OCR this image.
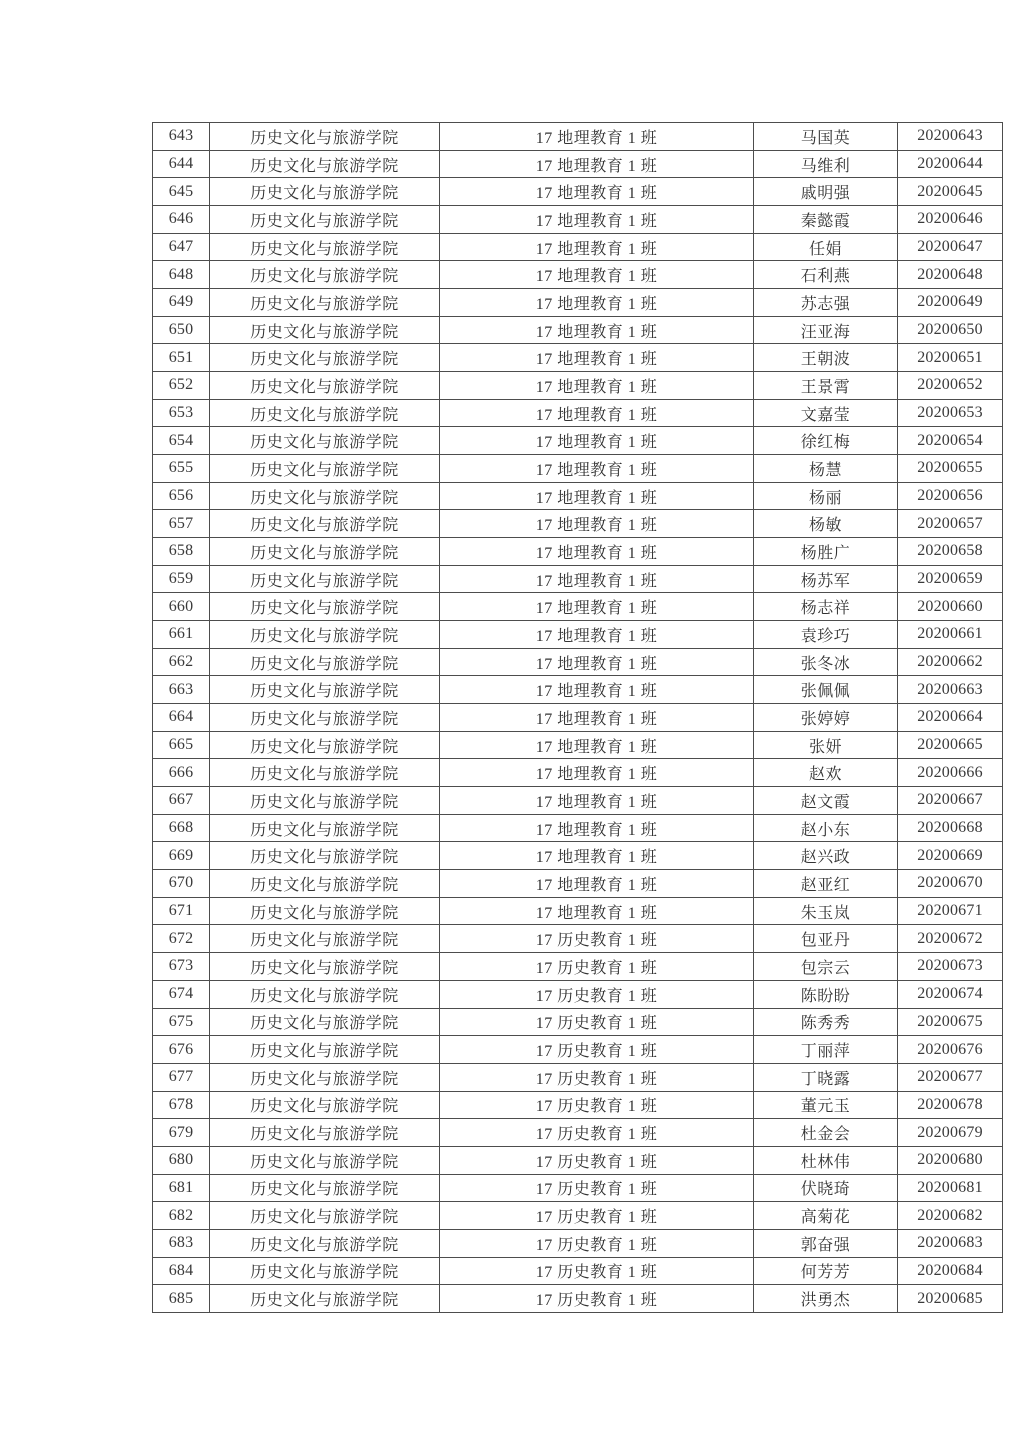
643	历史文化与旅游学院	17 地理教育 1 班	马国英	20200643
644	历史文化与旅游学院	17 地理教育 1 班	马维利	20200644
645	历史文化与旅游学院	17 地理教育 1 班	戚明强	20200645
646	历史文化与旅游学院	17 地理教育 1 班	秦懿霞	20200646
647	历史文化与旅游学院	17 地理教育 1 班	任娟	20200647
648	历史文化与旅游学院	17 地理教育 1 班	石利燕	20200648
649	历史文化与旅游学院	17 地理教育 1 班	苏志强	20200649
650	历史文化与旅游学院	17 地理教育 1 班	汪亚海	20200650
651	历史文化与旅游学院	17 地理教育 1 班	王朝波	20200651
652	历史文化与旅游学院	17 地理教育 1 班	王景霄	20200652
653	历史文化与旅游学院	17 地理教育 1 班	文嘉莹	20200653
654	历史文化与旅游学院	17 地理教育 1 班	徐红梅	20200654
655	历史文化与旅游学院	17 地理教育 1 班	杨慧	20200655
656	历史文化与旅游学院	17 地理教育 1 班	杨丽	20200656
657	历史文化与旅游学院	17 地理教育 1 班	杨敏	20200657
658	历史文化与旅游学院	17 地理教育 1 班	杨胜广	20200658
659	历史文化与旅游学院	17 地理教育 1 班	杨苏军	20200659
660	历史文化与旅游学院	17 地理教育 1 班	杨志祥	20200660
661	历史文化与旅游学院	17 地理教育 1 班	袁珍巧	20200661
662	历史文化与旅游学院	17 地理教育 1 班	张冬冰	20200662
663	历史文化与旅游学院	17 地理教育 1 班	张佩佩	20200663
664	历史文化与旅游学院	17 地理教育 1 班	张婷婷	20200664
665	历史文化与旅游学院	17 地理教育 1 班	张妍	20200665
666	历史文化与旅游学院	17 地理教育 1 班	赵欢	20200666
667	历史文化与旅游学院	17 地理教育 1 班	赵文霞	20200667
668	历史文化与旅游学院	17 地理教育 1 班	赵小东	20200668
669	历史文化与旅游学院	17 地理教育 1 班	赵兴政	20200669
670	历史文化与旅游学院	17 地理教育 1 班	赵亚红	20200670
671	历史文化与旅游学院	17 地理教育 1 班	朱玉岚	20200671
672	历史文化与旅游学院	17 历史教育 1 班	包亚丹	20200672
673	历史文化与旅游学院	17 历史教育 1 班	包宗云	20200673
674	历史文化与旅游学院	17 历史教育 1 班	陈盼盼	20200674
675	历史文化与旅游学院	17 历史教育 1 班	陈秀秀	20200675
676	历史文化与旅游学院	17 历史教育 1 班	丁丽萍	20200676
677	历史文化与旅游学院	17 历史教育 1 班	丁晓露	20200677
678	历史文化与旅游学院	17 历史教育 1 班	董元玉	20200678
679	历史文化与旅游学院	17 历史教育 1 班	杜金会	20200679
680	历史文化与旅游学院	17 历史教育 1 班	杜林伟	20200680
681	历史文化与旅游学院	17 历史教育 1 班	伏晓琦	20200681
682	历史文化与旅游学院	17 历史教育 1 班	高菊花	20200682
683	历史文化与旅游学院	17 历史教育 1 班	郭奋强	20200683
684	历史文化与旅游学院	17 历史教育 1 班	何芳芳	20200684
685	历史文化与旅游学院	17 历史教育 1 班	洪勇杰	20200685
